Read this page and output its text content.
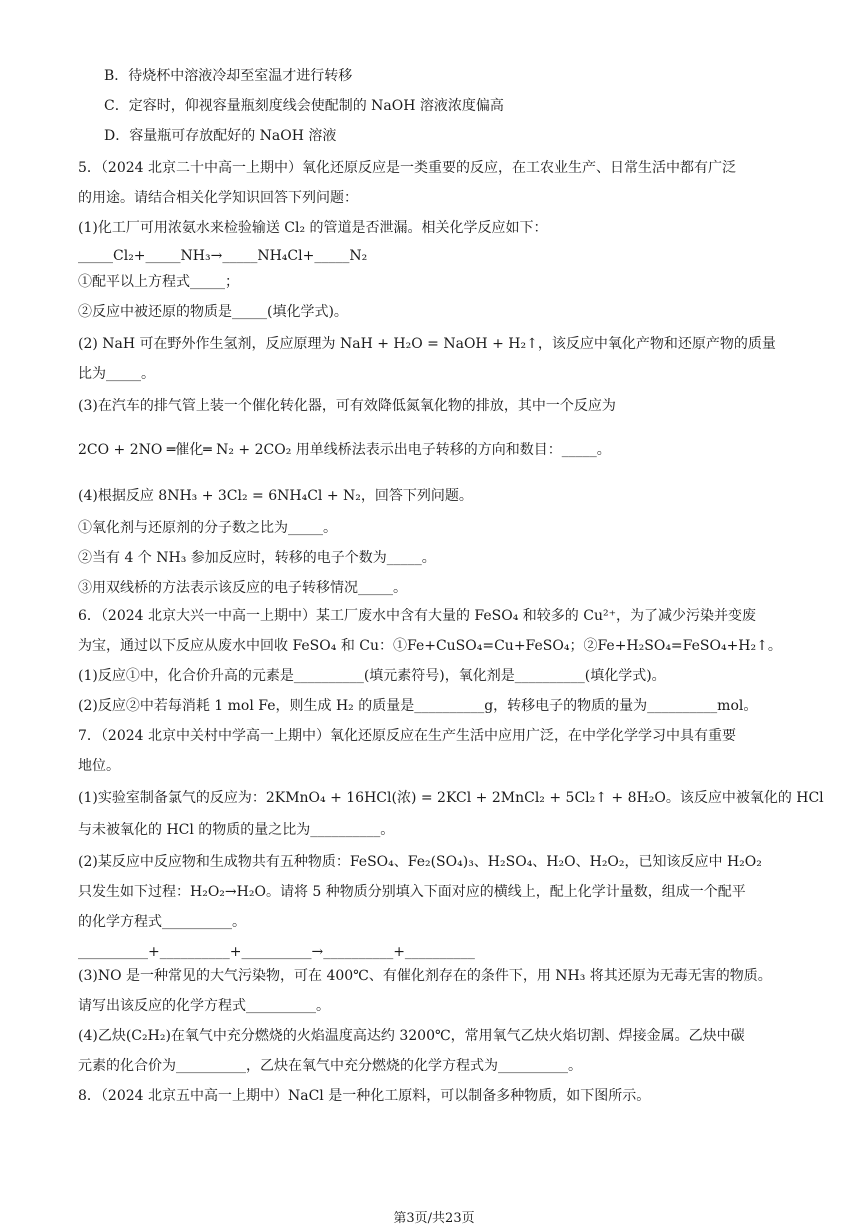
B．待烧杯中溶液冷却至室温才进行转移
C．定容时，仰视容量瓶刻度线会使配制的 NaOH 溶液浓度偏高
D．容量瓶可存放配好的 NaOH 溶液
5．（2024 北京二十中高一上期中）氧化还原反应是一类重要的反应，在工农业生产、日常生活中都有广泛
的用途。请结合相关化学知识回答下列问题：
(1)化工厂可用浓氨水来检验输送 Cl₂ 的管道是否泄漏。相关化学反应如下：
_____Cl₂+_____NH₃→_____NH₄Cl+_____N₂
①配平以上方程式_____；
②反应中被还原的物质是_____(填化学式)。
(2) NaH 可在野外作生氢剂，反应原理为 NaH + H₂O = NaOH + H₂↑，该反应中氧化产物和还原产物的质量
比为_____。
(3)在汽车的排气管上装一个催化转化器，可有效降低氮氧化物的排放，其中一个反应为
2CO + 2NO ═催化═ N₂ + 2CO₂ 用单线桥法表示出电子转移的方向和数目：_____。
(4)根据反应 8NH₃ + 3Cl₂ = 6NH₄Cl + N₂，回答下列问题。
①氧化剂与还原剂的分子数之比为_____。
②当有 4 个 NH₃ 参加反应时，转移的电子个数为_____。
③用双线桥的方法表示该反应的电子转移情况_____。
6．（2024 北京大兴一中高一上期中）某工厂废水中含有大量的 FeSO₄ 和较多的 Cu²⁺，为了减少污染并变废
为宝，通过以下反应从废水中回收 FeSO₄ 和 Cu：①Fe+CuSO₄=Cu+FeSO₄；②Fe+H₂SO₄=FeSO₄+H₂↑。
(1)反应①中，化合价升高的元素是__________(填元素符号)，氧化剂是__________(填化学式)。
(2)反应②中若每消耗 1 mol Fe，则生成 H₂ 的质量是__________g，转移电子的物质的量为__________mol。
7．（2024 北京中关村中学高一上期中）氧化还原反应在生产生活中应用广泛，在中学化学学习中具有重要
地位。
(1)实验室制备氯气的反应为：2KMnO₄ + 16HCl(浓) = 2KCl + 2MnCl₂ + 5Cl₂↑ + 8H₂O。该反应中被氧化的 HCl
与未被氧化的 HCl 的物质的量之比为__________。
(2)某反应中反应物和生成物共有五种物质：FeSO₄、Fe₂(SO₄)₃、H₂SO₄、H₂O、H₂O₂，已知该反应中 H₂O₂
只发生如下过程：H₂O₂→H₂O。请将 5 种物质分别填入下面对应的横线上，配上化学计量数，组成一个配平
的化学方程式__________。
__________+__________+__________→__________+__________
(3)NO 是一种常见的大气污染物，可在 400℃、有催化剂存在的条件下，用 NH₃ 将其还原为无毒无害的物质。
请写出该反应的化学方程式__________。
(4)乙炔(C₂H₂)在氧气中充分燃烧的火焰温度高达约 3200℃，常用氧气乙炔火焰切割、焊接金属。乙炔中碳
元素的化合价为__________，乙炔在氧气中充分燃烧的化学方程式为__________。
8．（2024 北京五中高一上期中）NaCl 是一种化工原料，可以制备多种物质，如下图所示。
第3页/共23页
